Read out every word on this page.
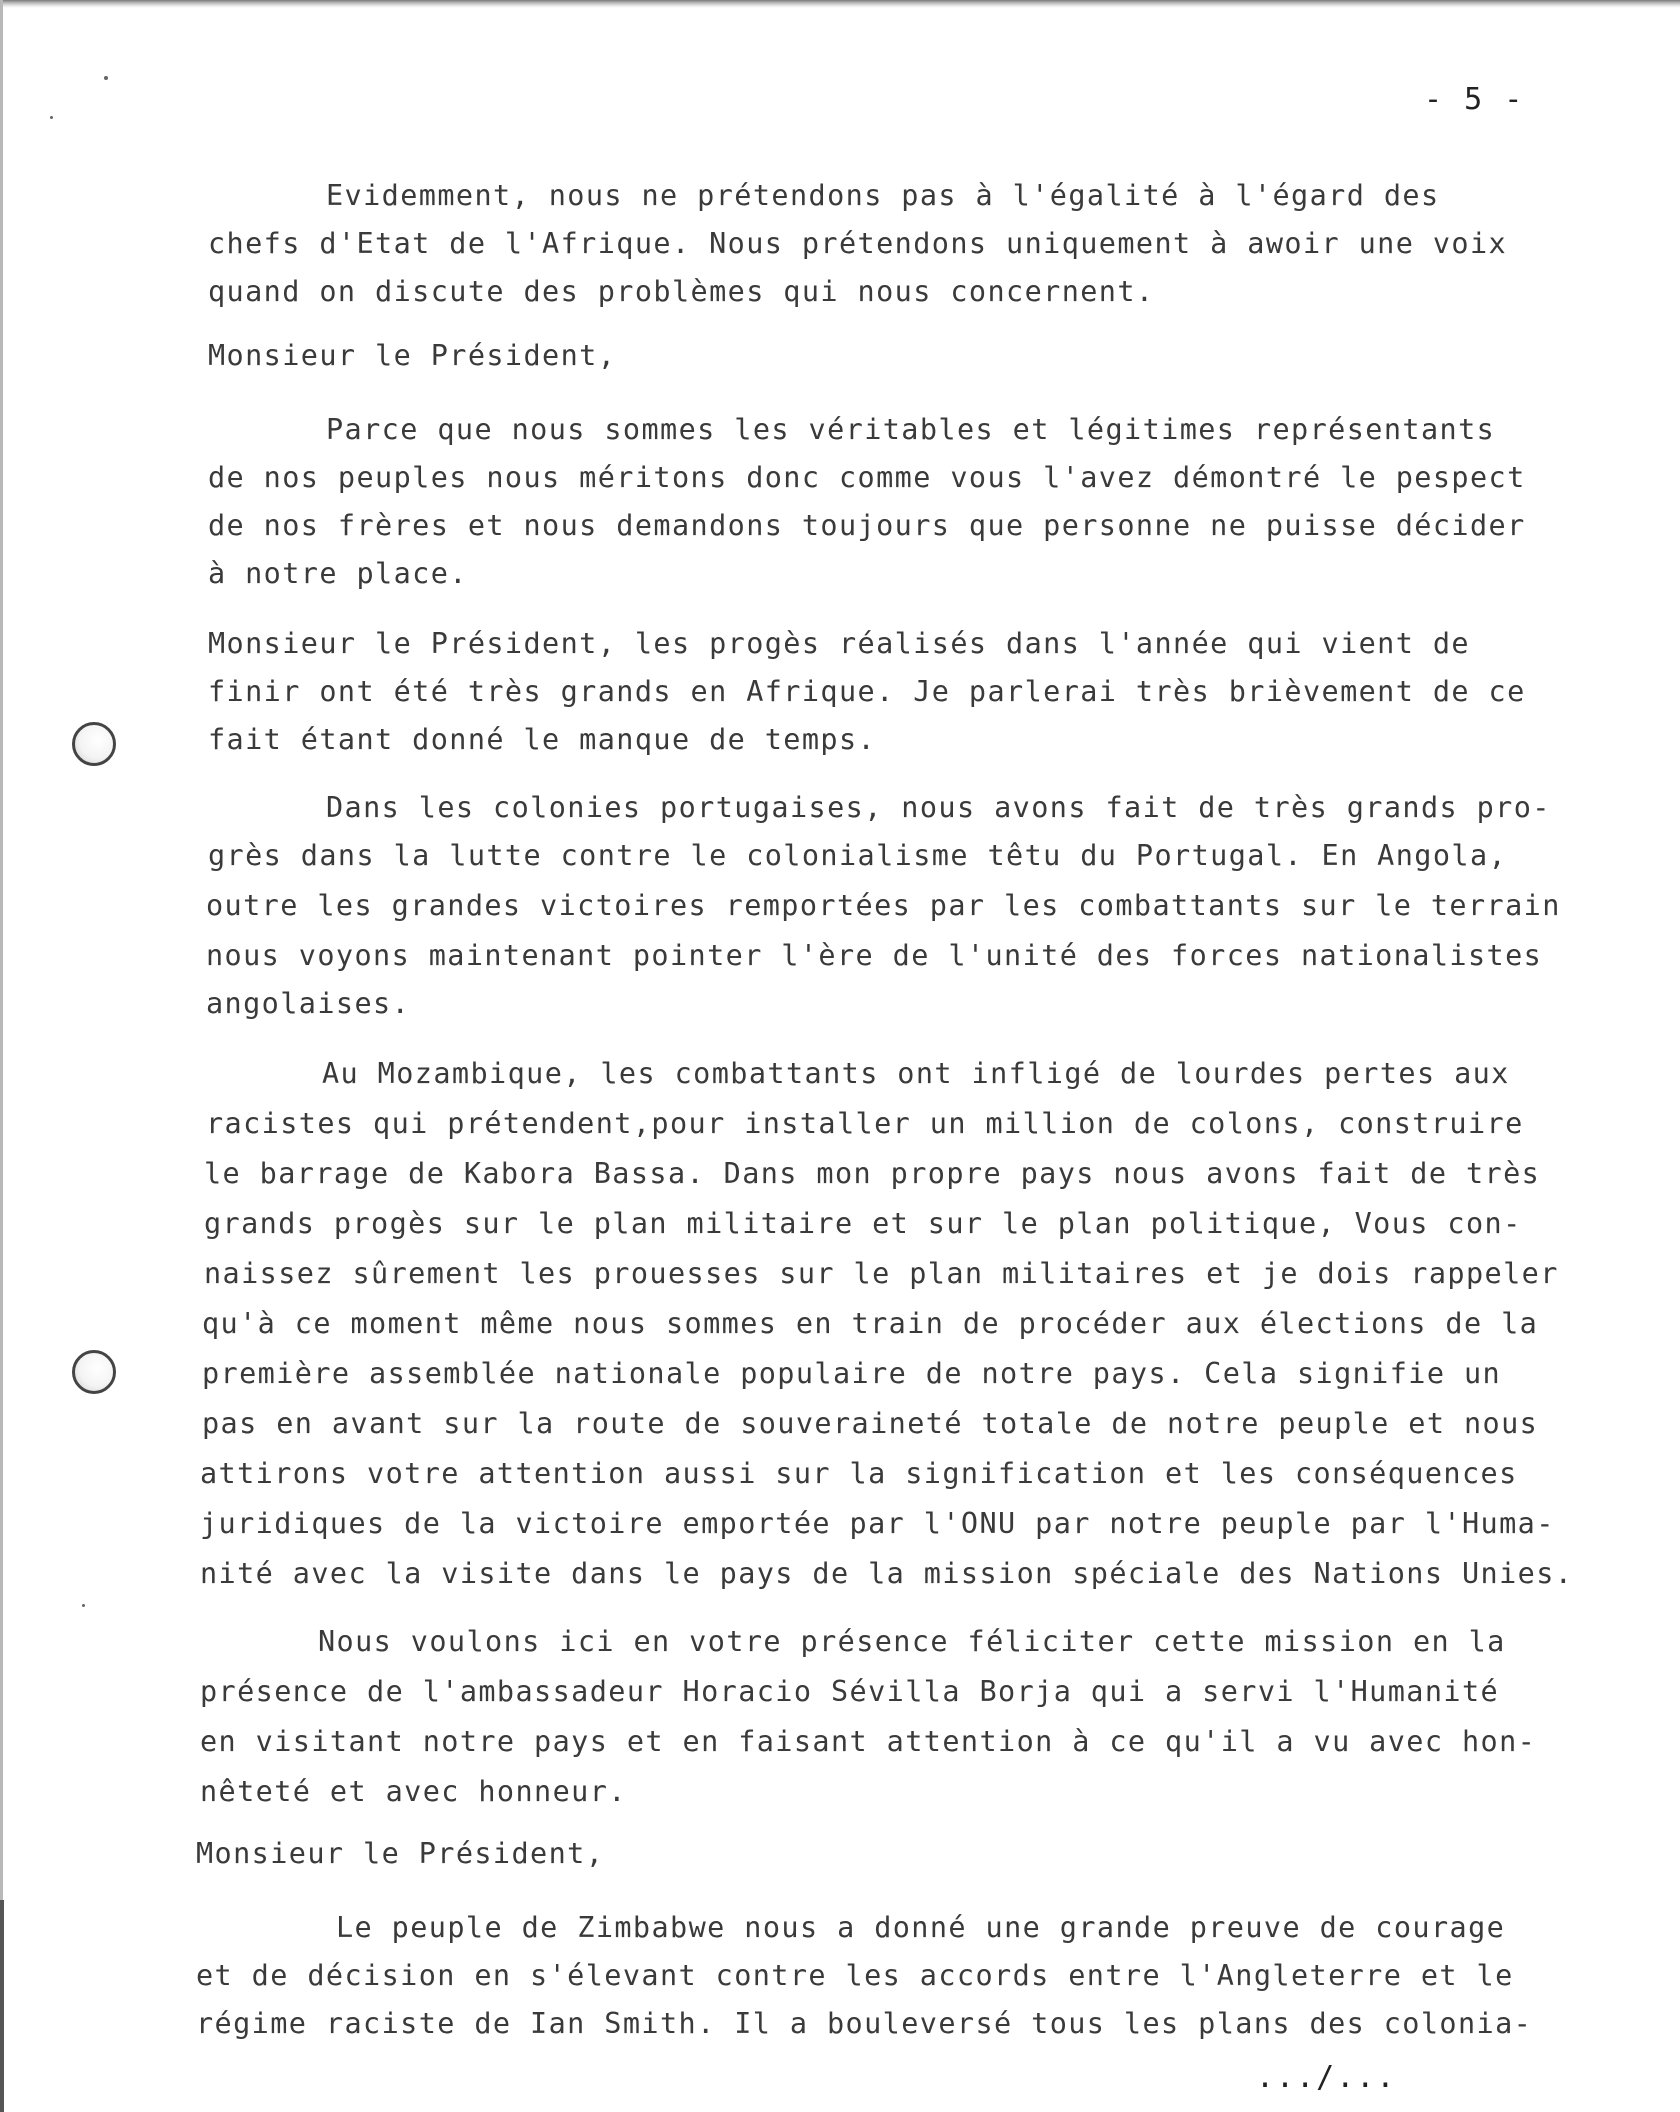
- 5 -
Evidemment, nous ne prétendons pas à l'égalité à l'égard des
chefs d'Etat de l'Afrique. Nous prétendons uniquement à awoir une voix
quand on discute des problèmes qui nous concernent.
Monsieur le Président,
Parce que nous sommes les véritables et légitimes représentants
de nos peuples nous méritons donc comme vous l'avez démontré le pespect
de nos frères et nous demandons toujours que personne ne puisse décider
à notre place.
Monsieur le Président, les progès réalisés dans l'année qui vient de
finir ont été très grands en Afrique. Je parlerai très brièvement de ce
fait étant donné le manque de temps.
Dans les colonies portugaises, nous avons fait de très grands pro-
grès dans la lutte contre le colonialisme têtu du Portugal. En Angola,
outre les grandes victoires remportées par les combattants sur le terrain
nous voyons maintenant pointer l'ère de l'unité des forces nationalistes
angolaises.
Au Mozambique, les combattants ont infligé de lourdes pertes aux
racistes qui prétendent,pour installer un million de colons, construire
le barrage de Kabora Bassa. Dans mon propre pays nous avons fait de très
grands progès sur le plan militaire et sur le plan politique, Vous con-
naissez sûrement les prouesses sur le plan militaires et je dois rappeler
qu'à ce moment même nous sommes en train de procéder aux élections de la
première assemblée nationale populaire de notre pays. Cela signifie un
pas en avant sur la route de souveraineté totale de notre peuple et nous
attirons votre attention aussi sur la signification et les conséquences
juridiques de la victoire emportée par l'ONU par notre peuple par l'Huma-
nité avec la visite dans le pays de la mission spéciale des Nations Unies.
Nous voulons ici en votre présence féliciter cette mission en la
présence de l'ambassadeur Horacio Sévilla Borja qui a servi l'Humanité
en visitant notre pays et en faisant attention à ce qu'il a vu avec hon-
nêteté et avec honneur.
Monsieur le Président,
Le peuple de Zimbabwe nous a donné une grande preuve de courage
et de décision en s'élevant contre les accords entre l'Angleterre et le
régime raciste de Ian Smith. Il a bouleversé tous les plans des colonia-
.../...
